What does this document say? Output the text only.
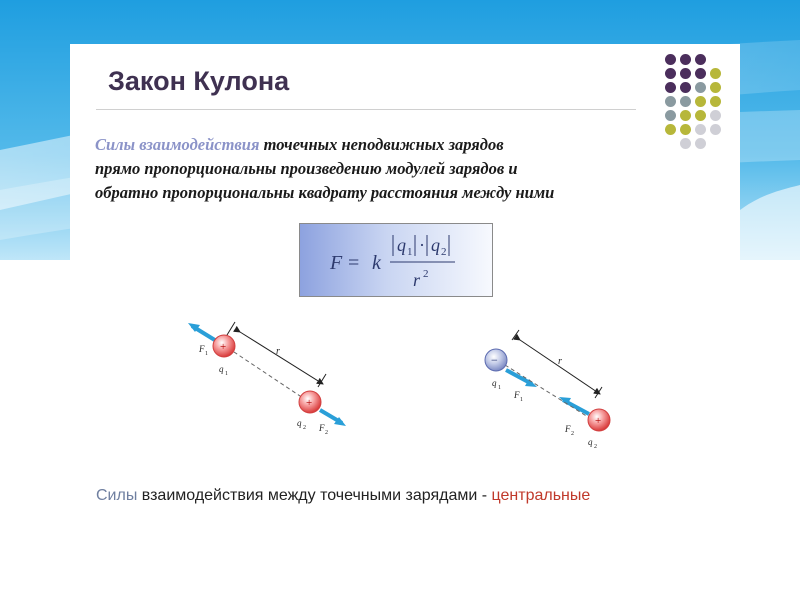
Закон Кулона
Силы взаимодействия точечных неподвижных зарядов
прямо пропорциональны произведению модулей зарядов и
обратно пропорциональны квадрату расстояния между ними
F = k
q 1 · q 2
r 2
r
+
+
F 1
q 1
q 2 F 2
r
−
+
q 1
F 1
F 2
q 2
Силы взаимодействия между точечными зарядами - центральные
